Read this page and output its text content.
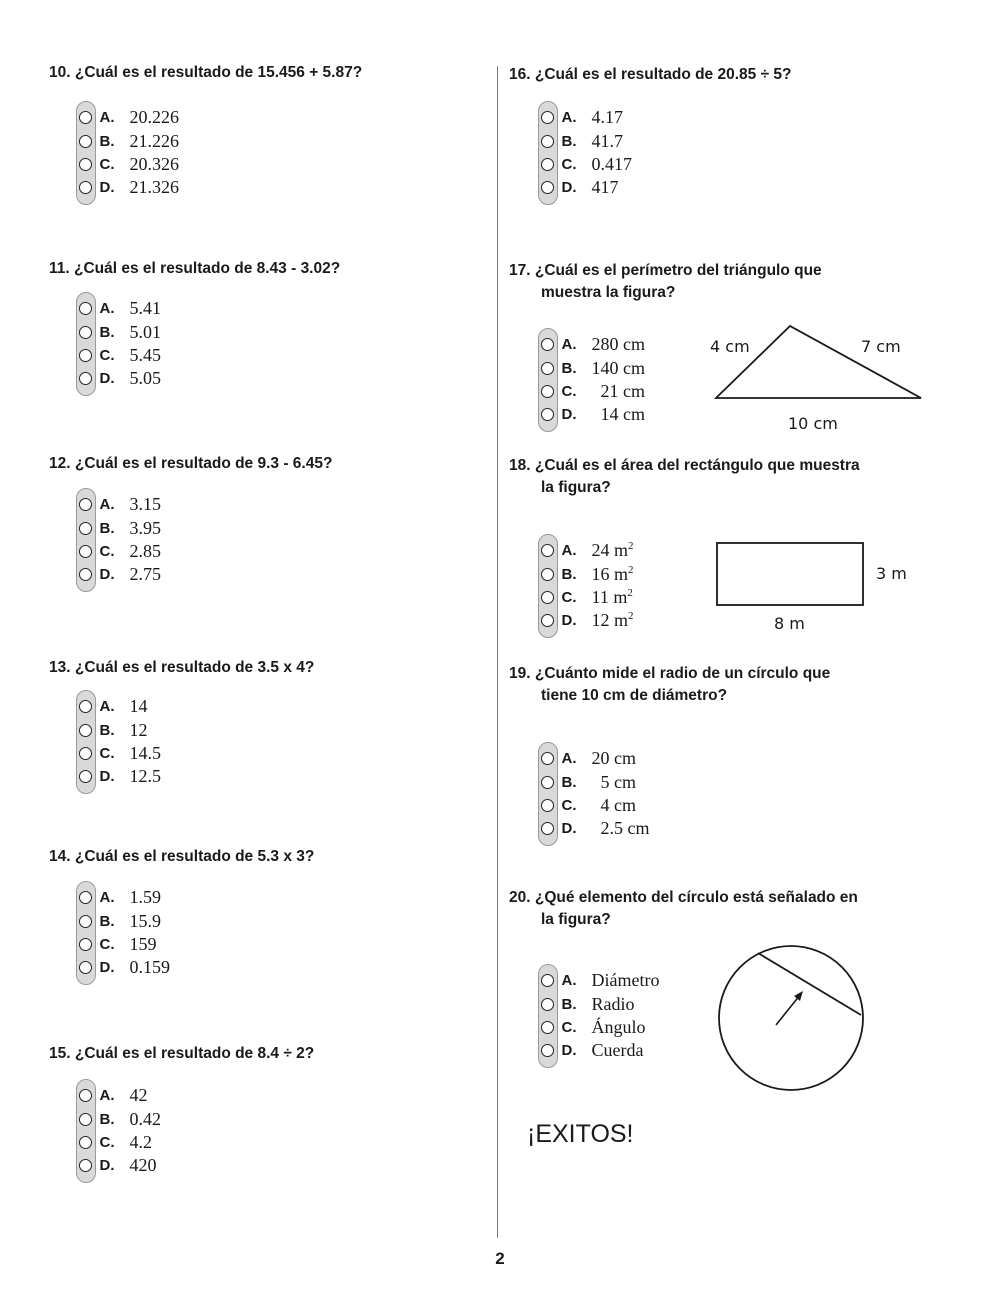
10. ¿Cuál es el resultado de 15.456 + 5.87?
A. 20.226
B. 21.226
C. 20.326
D. 21.326
11. ¿Cuál es el resultado de 8.43 - 3.02?
A. 5.41
B. 5.01
C. 5.45
D. 5.05
12. ¿Cuál es el resultado de 9.3 - 6.45?
A. 3.15
B. 3.95
C. 2.85
D. 2.75
13. ¿Cuál es el resultado de 3.5 x 4?
A. 14
B. 12
C. 14.5
D. 12.5
14. ¿Cuál es el resultado de 5.3 x 3?
A. 1.59
B. 15.9
C. 159
D. 0.159
15. ¿Cuál es el resultado de 8.4 ÷ 2?
A. 42
B. 0.42
C. 4.2
D. 420
16. ¿Cuál es el resultado de 20.85 ÷ 5?
A. 4.17
B. 41.7
C. 0.417
D. 417
17. ¿Cuál es el perímetro del triángulo que
muestra la figura?
A. 280 cm
B. 140 cm
C. 21 cm
D. 14 cm
4 cm	7 cm
10 cm
18. ¿Cuál es el área del rectángulo que muestra
la figura?
A. 24 $m^2$
B. 16 $m^2$
C. 11 $m^2$
D. 12 $m^2$
3 m
8 m
19. ¿Cuánto mide el radio de un círculo que
tiene 10 cm de diámetro?
A. 20 cm
B. 5 cm
C. 4 cm
D. 2.5 cm
20. ¿Qué elemento del círculo está señalado en
la figura?
A. Diámetro
B. Radio
C. Ángulo
D. Cuerda
¡EXITOS!
2
